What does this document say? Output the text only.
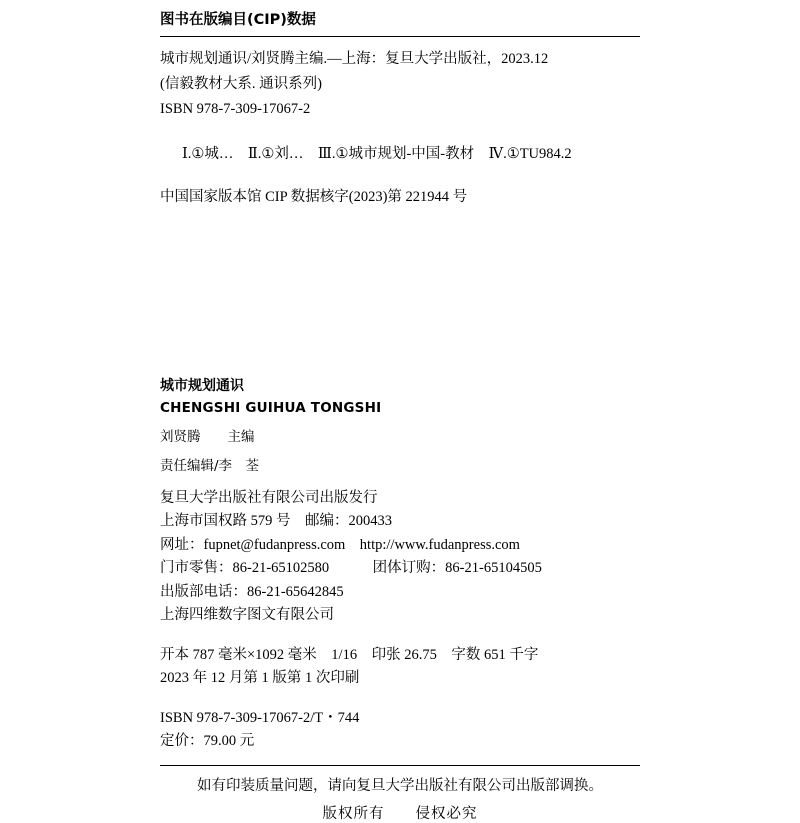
图书在版编目(CIP)数据
城市规划通识/刘贤腾主编.—上海：复旦大学出版社，2023.12
(信毅教材大系. 通识系列)
ISBN 978-7-309-17067-2
Ⅰ.①城…　Ⅱ.①刘…　Ⅲ.①城市规划-中国-教材　Ⅳ.①TU984.2
中国国家版本馆 CIP 数据核字(2023)第 221944 号
城市规划通识
CHENGSHI GUIHUA TONGSHI
刘贤腾　　主编
责任编辑/李　荃
复旦大学出版社有限公司出版发行
上海市国权路 579 号　邮编：200433
网址：fupnet@fudanpress.com　http://www.fudanpress.com
门市零售：86-21-65102580　　　团体订购：86-21-65104505
出版部电话：86-21-65642845
上海四维数字图文有限公司
开本 787 毫米×1092 毫米　1/16　印张 26.75　字数 651 千字
2023 年 12 月第 1 版第 1 次印刷
ISBN 978-7-309-17067-2/T・744
定价：79.00 元
如有印装质量问题，请向复旦大学出版社有限公司出版部调换。
版权所有　　侵权必究
